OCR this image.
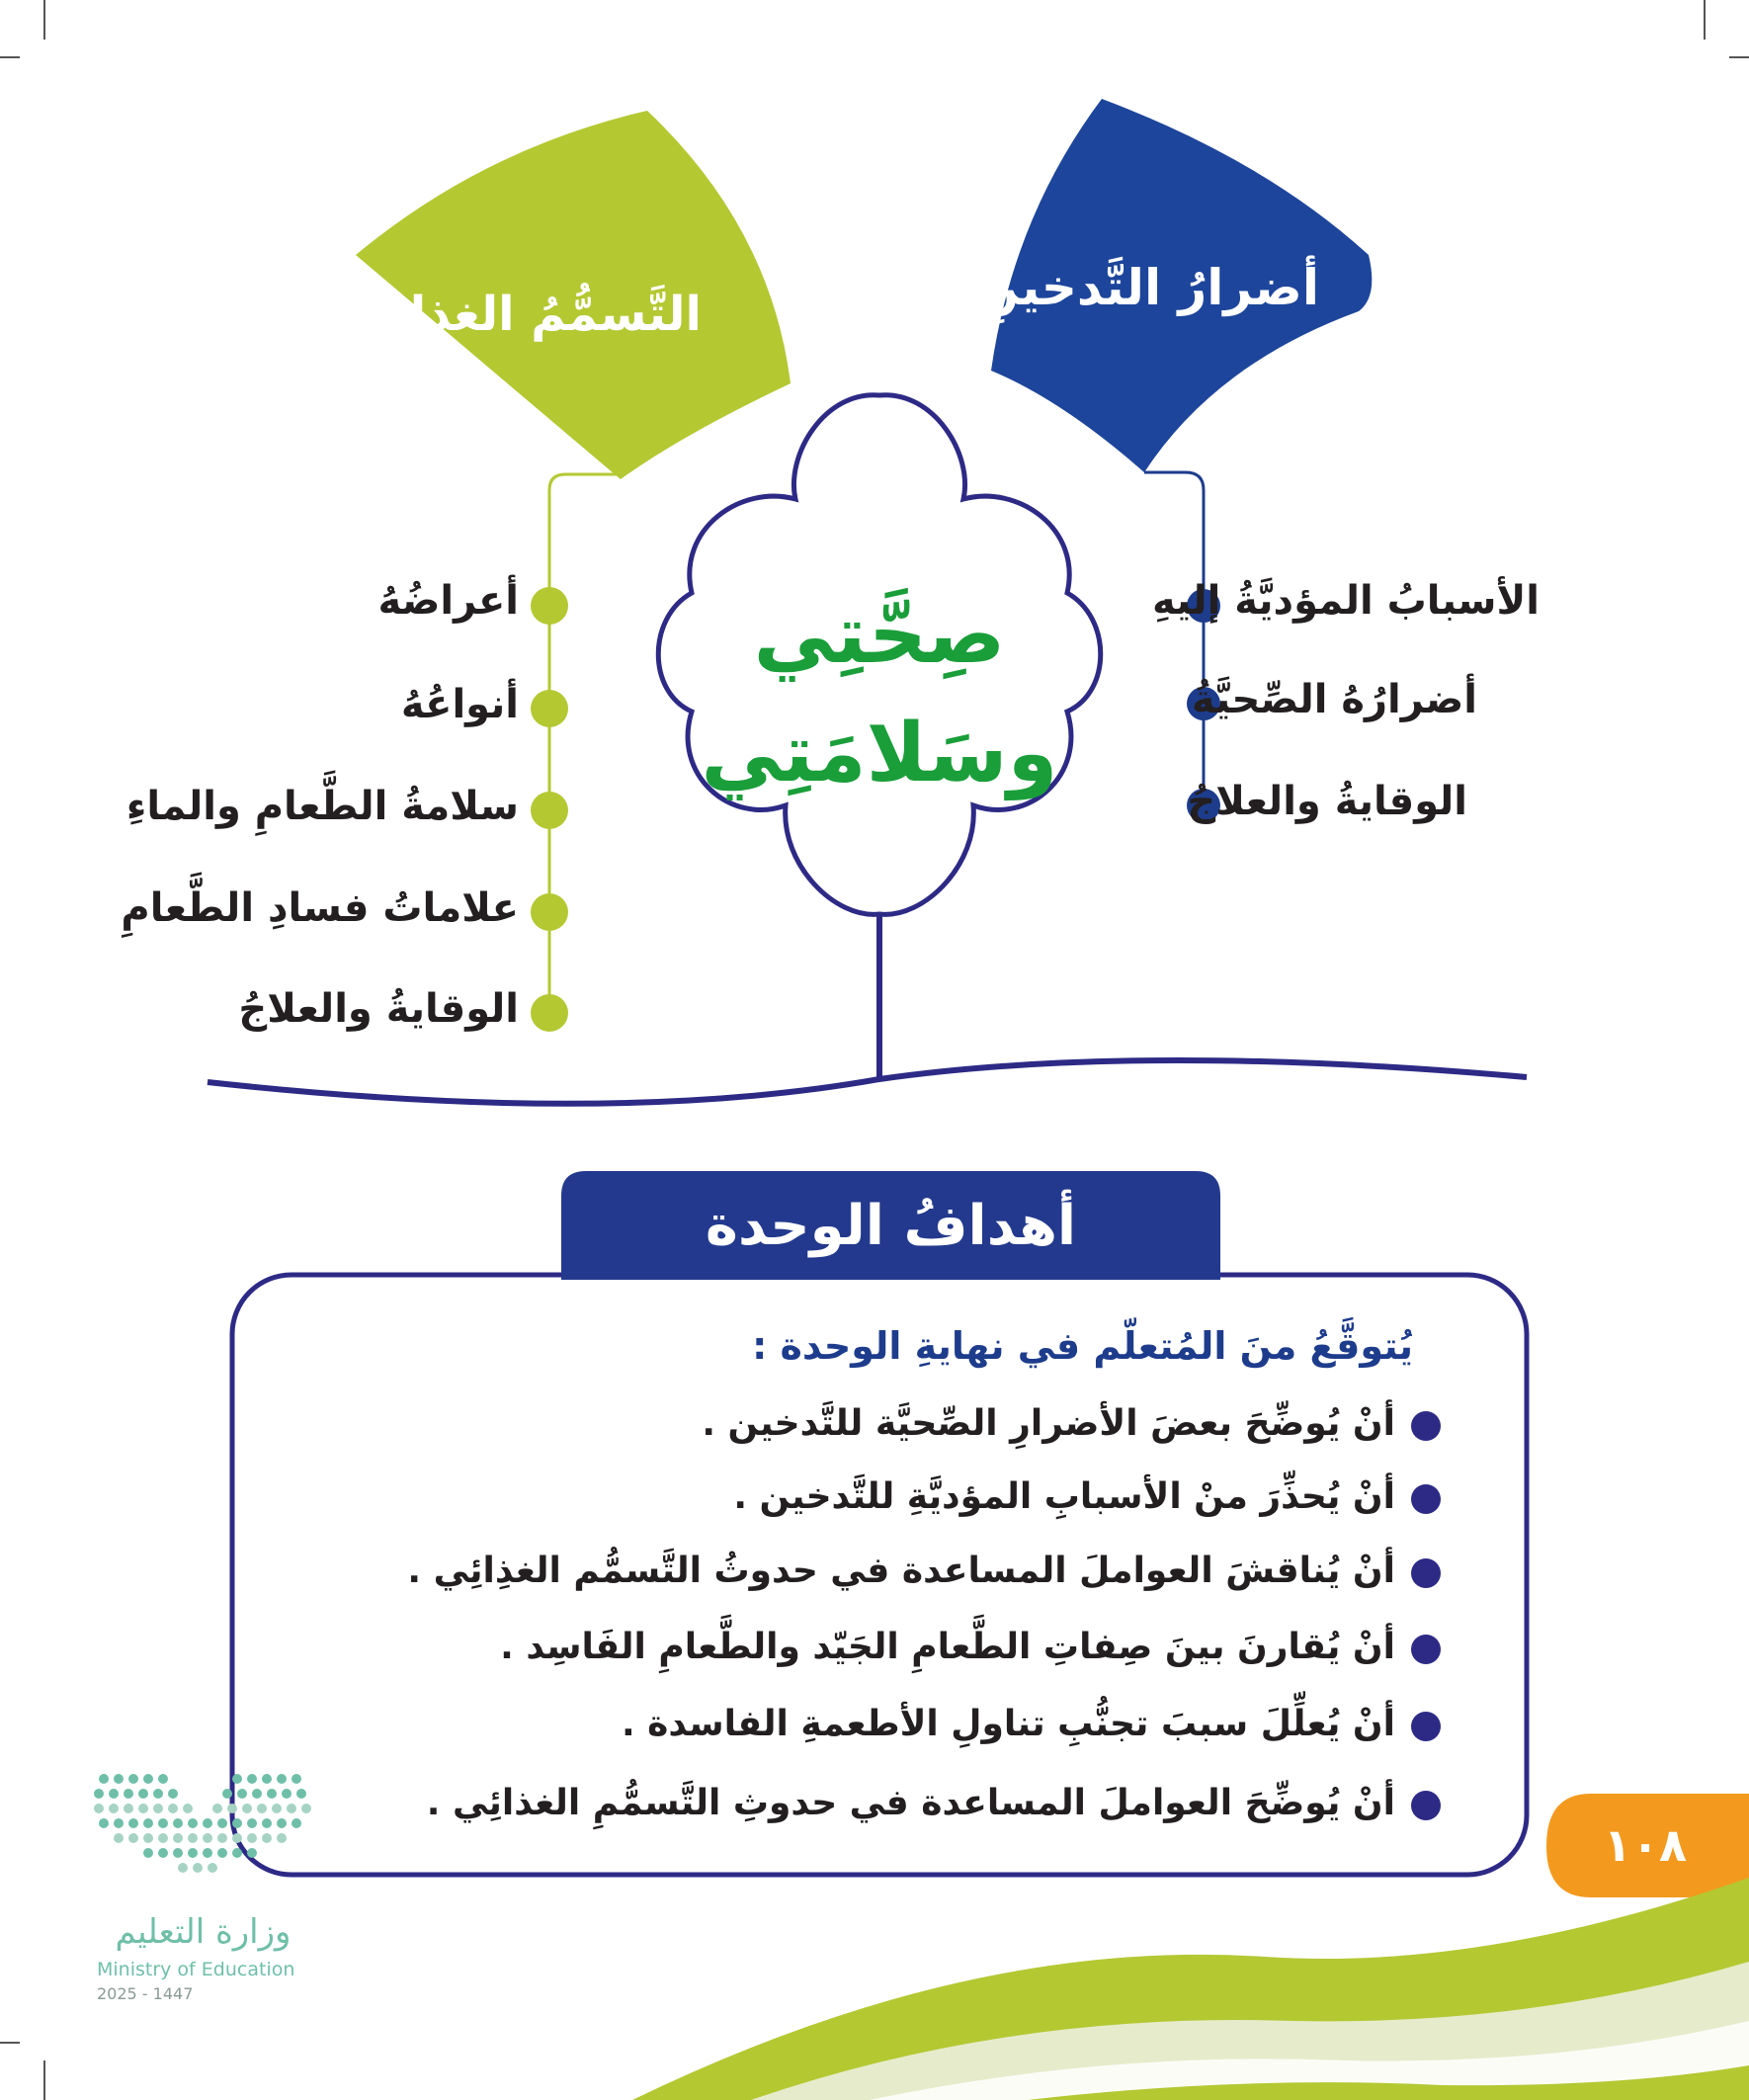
التَّسمُّمُ الغذائِي	أضرارُ التَّدخينِ
صِحَّتِي
وسَلامَتِي
أعراضُهُ
أنواعُهُ
سلامةُ الطَّعامِ والماءِ
علاماتُ فسادِ الطَّعامِ
الوقايةُ والعلاجُ
الأسبابُ المؤديَّةُ إليهِ
أضرارُهُ الصِّحيَّةُ
الوقايةُ والعلاجُ
أهدافُ الوحدة
يُتوقَّعُ منَ المُتعلّم في نهايةِ الوحدة :
أنْ يُوضِّحَ بعضَ الأضرارِ الصِّحيَّة للتَّدخين .
أنْ يُحذِّرَ منْ الأسبابِ المؤديَّةِ للتَّدخين .
أنْ يُناقشَ العواملَ المساعدة في حدوثُ التَّسمُّم الغذِائِي .
أنْ يُقارنَ بينَ صِفاتِ الطَّعامِ الجَيّد والطَّعامِ الفَاسِد .
أنْ يُعلِّلَ سببَ تجنُّبِ تناولِ الأطعمةِ الفاسدة .
أنْ يُوضِّحَ العواملَ المساعدة في حدوثِ التَّسمُّمِ الغذائِي .
١٠٨
وزارة التعليم
Ministry of Education
2025 - 1447
